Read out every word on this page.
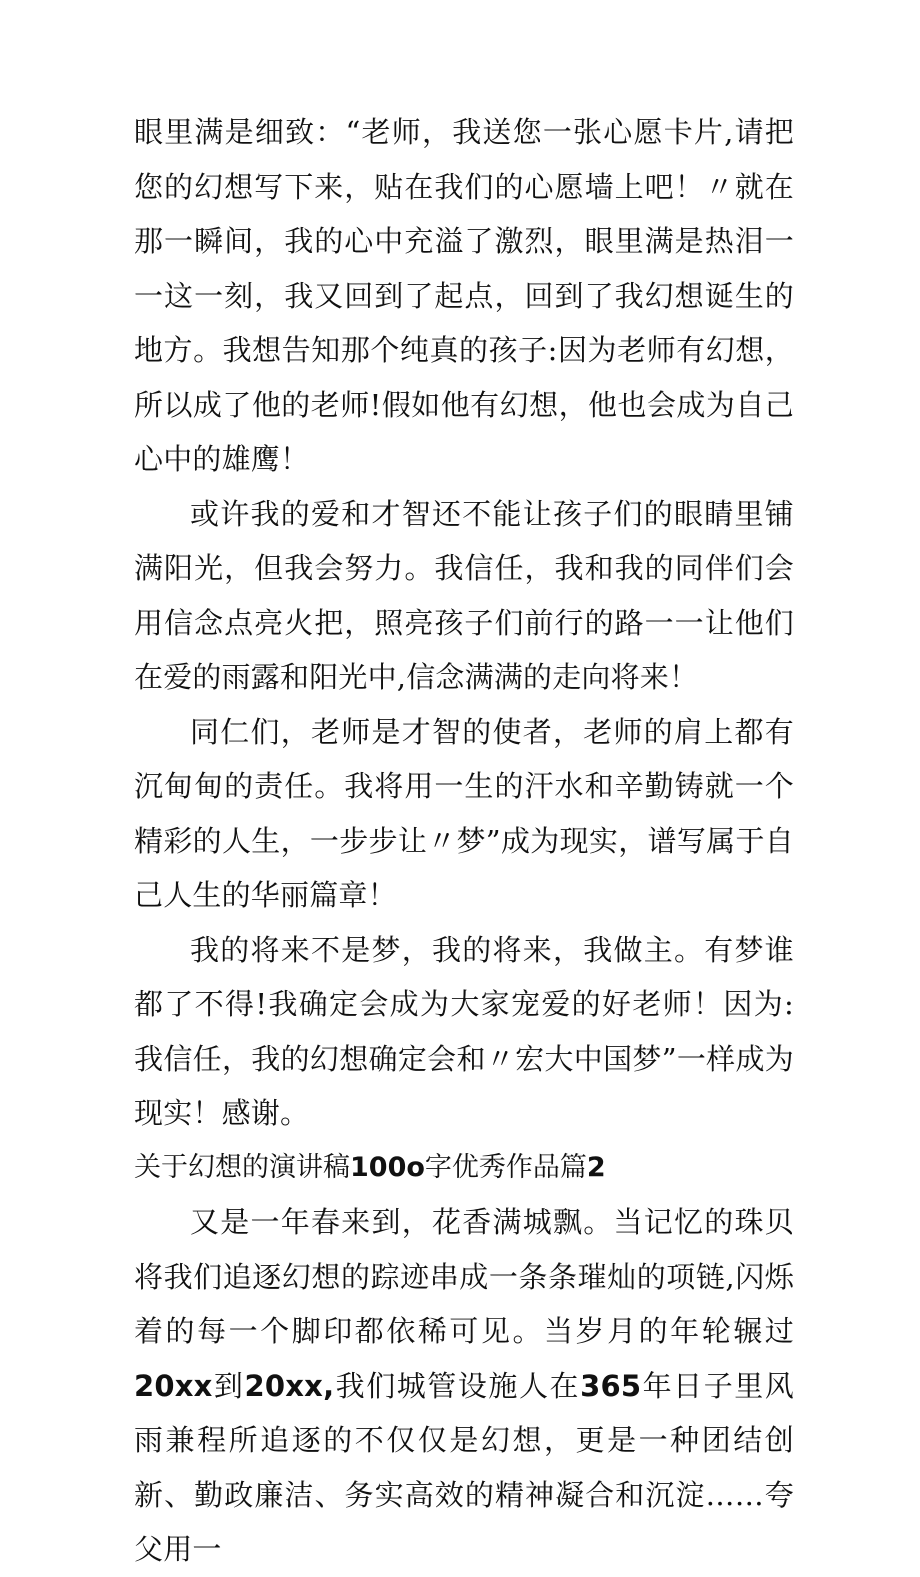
眼里满是细致：“老师，我送您一张心愿卡片,请把您的幻想写下来，贴在我们的心愿墙上吧！〃就在那一瞬间，我的心中充溢了激烈，眼里满是热泪一一这一刻，我又回到了起点，回到了我幻想诞生的地方。我想告知那个纯真的孩子:因为老师有幻想，所以成了他的老师!假如他有幻想，他也会成为自己心中的雄鹰！

或许我的爱和才智还不能让孩子们的眼睛里铺满阳光，但我会努力。我信任，我和我的同伴们会用信念点亮火把，照亮孩子们前行的路一一让他们在爱的雨露和阳光中,信念满满的走向将来！

同仁们，老师是才智的使者，老师的肩上都有沉甸甸的责任。我将用一生的汗水和辛勤铸就一个精彩的人生，一步步让〃梦”成为现实，谱写属于自己人生的华丽篇章！

我的将来不是梦，我的将来，我做主。有梦谁都了不得!我确定会成为大家宠爱的好老师！因为:我信任，我的幻想确定会和〃宏大中国梦”一样成为现实！感谢。

关于幻想的演讲稿100o字优秀作品篇2

又是一年春来到，花香满城飘。当记忆的珠贝将我们追逐幻想的踪迹串成一条条璀灿的项链,闪烁着的每一个脚印都依稀可见。当岁月的年轮辗过20xx到20xx,我们城管设施人在365年日子里风雨兼程所追逐的不仅仅是幻想，更是一种团结创新、勤政廉洁、务实高效的精神凝合和沉淀……夸父用一
